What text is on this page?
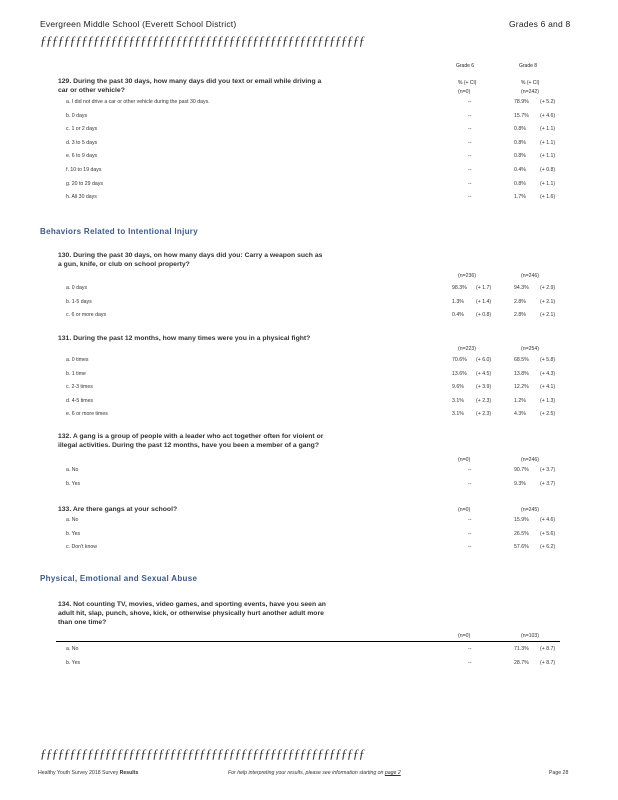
Evergreen Middle School (Everett School District)	Grades 6 and 8
ƒƒƒƒƒƒƒƒƒƒƒƒƒƒƒƒƒƒƒƒƒƒƒƒƒƒƒƒƒƒƒƒƒƒƒƒƒƒƒƒƒƒƒƒƒƒƒƒƒƒƒƒƒƒƒ
Grade 6	Grade 8
% (+ CI)	% (+ CI)
Behaviors Related to Intentional Injury
Physical, Emotional and Sexual Abuse
129. During the past 30 days, how many days did you text or email while driving a car or other vehicle?	(n=0)	(n=242)
a. I did not drive a car or other vehicle during the past 30 days.	--	78.9% (+ 5.2)
b. 0 days	--	15.7% (+ 4.6)
c. 1 or 2 days	--	0.8%	(+ 1.1)
d. 3 to 5 days	--	0.8%	(+ 1.1)
e. 6 to 9 days	--	0.8%	(+ 1.1)
f. 10 to 19 days	--	0.4%	(+ 0.8)
g. 20 to 29 days	--	0.8%	(+ 1.1)
h. All 30 days	--	1.7%	(+ 1.6)
130. During the past 30 days, on how many days did you: Carry a weapon such as a gun, knife, or club on school property?
(n=236)	(n=246)
a. 0 days	98.3% (+ 1.7)	94.3% (+ 2.9)
b. 1-5 days	1.3% (+ 1.4)	2.8%	(+ 2.1)
c. 6 or more days	0.4% (+ 0.8)	2.8%	(+ 2.1)
131. During the past 12 months, how many times were you in a physical fight?
(n=223)	(n=254)
a. 0 times	70.6% (+ 6.0)	68.5% (+ 5.8)
b. 1 time	13.6% (+ 4.5)	13.8% (+ 4.3)
c. 2-3 times	9.6% (+ 3.9)	12.2% (+ 4.1)
d. 4-5 times	3.1% (+ 2.3)	1.2%	(+ 1.3)
e. 6 or more times	3.1% (+ 2.3)	4.3%	(+ 2.5)
132. A gang is a group of people with a leader who act together often for violent or illegal activities. During the past 12 months, have you been a member of a gang?
(n=0)	(n=246)
a. No	--	90.7% (+ 3.7)
b. Yes	--	9.3%	(+ 3.7)
133. Are there gangs at your school?	(n=0)	(n=245)
a. No	--	15.9% (+ 4.6)
b. Yes	--	26.5% (+ 5.6)
c. Don't know	--	57.6% (+ 6.2)
134. Not counting TV, movies, video games, and sporting events, have you seen an adult hit, slap, punch, shove, kick, or otherwise physically hurt another adult more than one time?
(n=0)	(n=103)
a. No	--	71.3% (+ 8.7)
b. Yes	--	28.7% (+ 8.7)
ƒƒƒƒƒƒƒƒƒƒƒƒƒƒƒƒƒƒƒƒƒƒƒƒƒƒƒƒƒƒƒƒƒƒƒƒƒƒƒƒƒƒƒƒƒƒƒƒƒƒƒƒƒƒƒ
Healthy Youth Survey 2018 Survey Results	For help interpreting your results, please see information starting on page 2	Page 28
